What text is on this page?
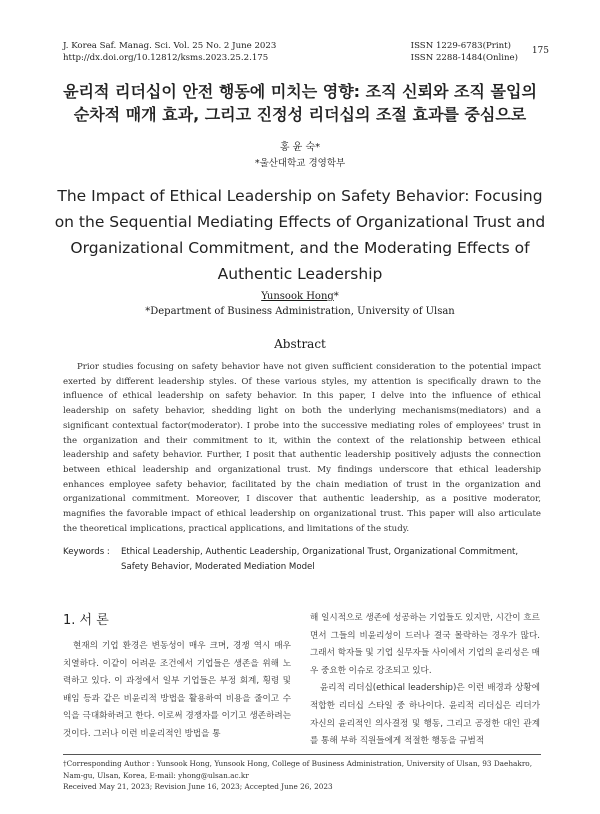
J. Korea Saf. Manag. Sci. Vol. 25 No. 2 June 2023
http://dx.doi.org/10.12812/ksms.2023.25.2.175
ISSN 1229-6783(Print)
ISSN 2288-1484(Online)
175
윤리적 리더십이 안전 행동에 미치는 영향: 조직 신뢰와 조직 몰입의
순차적 매개 효과, 그리고 진정성 리더십의 조절 효과를 중심으로
홍 윤 숙*
*울산대학교 경영학부
The Impact of Ethical Leadership on Safety Behavior: Focusing
on the Sequential Mediating Effects of Organizational Trust and
Organizational Commitment, and the Moderating Effects of
Authentic Leadership
Yunsook Hong*
*Department of Business Administration, University of Ulsan
Abstract
Prior studies focusing on safety behavior have not given sufficient consideration to the potential impact exerted by different leadership styles. Of these various styles, my attention is specifically drawn to the influence of ethical leadership on safety behavior. In this paper, I delve into the influence of ethical leadership on safety behavior, shedding light on both the underlying mechanisms(mediators) and a significant contextual factor(moderator). I probe into the successive mediating roles of employees' trust in the organization and their commitment to it, within the context of the relationship between ethical leadership and safety behavior. Further, I posit that authentic leadership positively adjusts the connection between ethical leadership and organizational trust. My findings underscore that ethical leadership enhances employee safety behavior, facilitated by the chain mediation of trust in the organization and organizational commitment. Moreover, I discover that authentic leadership, as a positive moderator, magnifies the favorable impact of ethical leadership on organizational trust. This paper will also articulate the theoretical implications, practical applications, and limitations of the study.
Keywords :	Ethical Leadership, Authentic Leadership, Organizational Trust, Organizational Commitment, Safety Behavior, Moderated Mediation Model
1. 서 론

현재의 기업 환경은 변동성이 매우 크며, 경쟁 역시 매우 치열하다. 이같이 어려운 조건에서 기업들은 생존을 위해 노력하고 있다. 이 과정에서 일부 기업들은 부정 회계, 횡령 및 배임 등과 같은 비윤리적 방법을 활용하여 비용을 줄이고 수익을 극대화하려고 한다. 이로써 경쟁자를 이기고 생존하려는 것이다. 그러나 이런 비윤리적인 방법을 통

해 일시적으로 생존에 성공하는 기업들도 있지만, 시간이 흐르면서 그들의 비윤리성이 드러나 결국 몰락하는 경우가 많다. 그래서 학자들 및 기업 실무자들 사이에서 기업의 윤리성은 매우 중요한 이슈로 강조되고 있다.

윤리적 리더십(ethical leadership)은 이런 배경과 상황에 적합한 리더십 스타일 중 하나이다. 윤리적 리더십은 리더가 자신의 윤리적인 의사결정 및 행동, 그리고 공정한 대인 관계를 통해 부하 직원들에게 적절한 행동을 규범적

†Corresponding Author : Yunsook Hong, Yunsook Hong, College of Business Administration, University of Ulsan, 93 Daehakro, Nam-gu, Ulsan, Korea, E-mail: yhong@ulsan.ac.kr
Received May 21, 2023; Revision June 16, 2023; Accepted June 26, 2023
